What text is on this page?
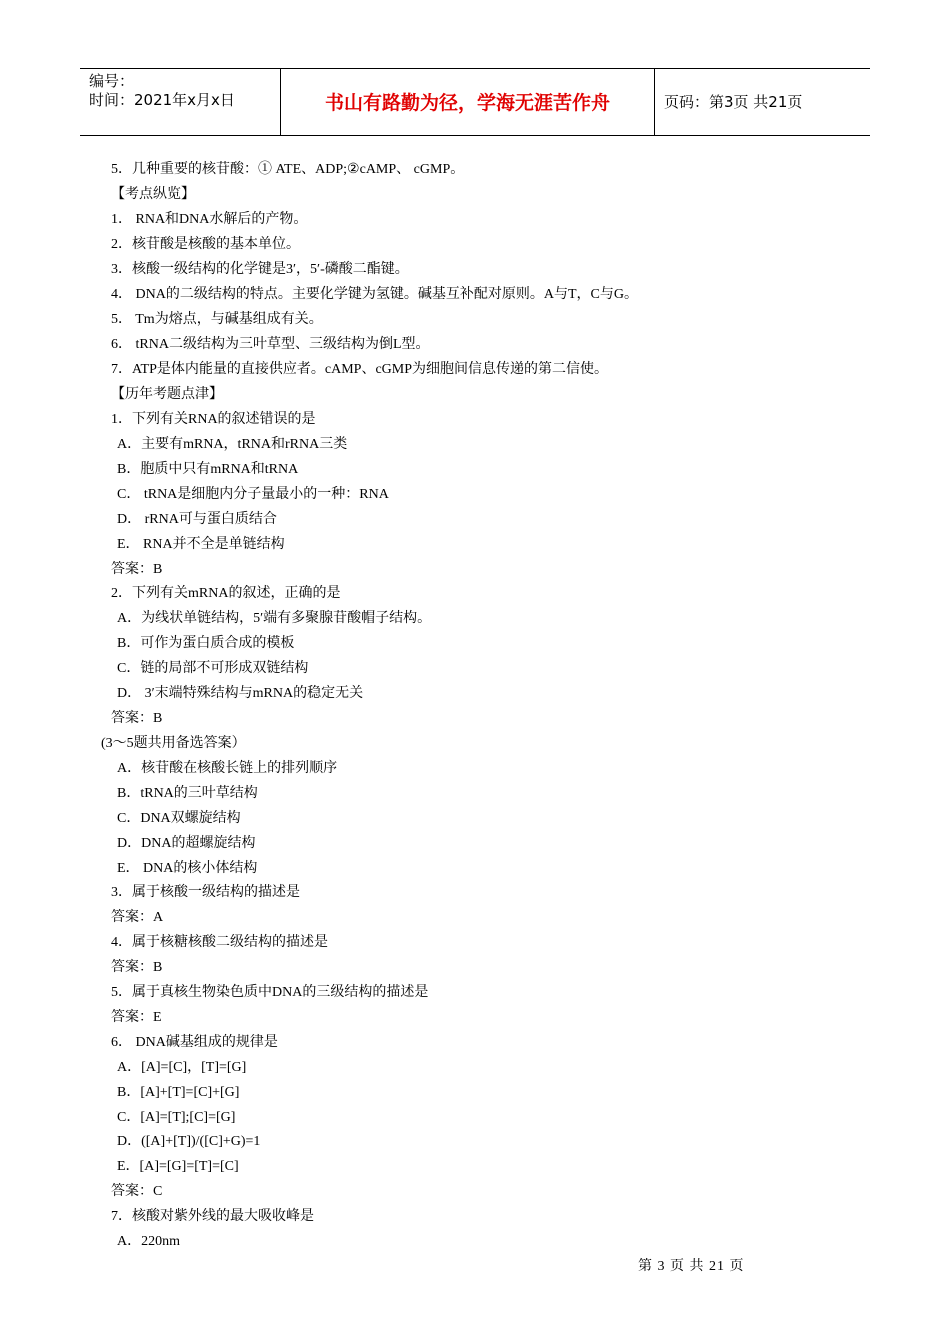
编号：
时间：2021年x月x日	书山有路勤为径，学海无涯苦作舟	页码：第3页 共21页
5．几种重要的核苷酸：① ATE、ADP;②cAMP、 cGMP。
【考点纵览】
1． RNA和DNA水解后的产物。
2．核苷酸是核酸的基本单位。
3．核酸一级结构的化学键是3′，5′-磷酸二酯键。
4． DNA的二级结构的特点。主要化学键为氢键。碱基互补配对原则。A与T，C与G。
5． Tm为熔点，与碱基组成有关。
6． tRNA二级结构为三叶草型、三级结构为倒L型。
7．ATP是体内能量的直接供应者。cAMP、cGMP为细胞间信息传递的第二信使。
【历年考题点津】
1．下列有关RNA的叙述错误的是
A．主要有mRNA，tRNA和rRNA三类
B．胞质中只有mRNA和tRNA
C． tRNA是细胞内分子量最小的一种：RNA
D． rRNA可与蛋白质结合
E． RNA并不全是单链结构
答案：B
2．下列有关mRNA的叙述，正确的是
A．为线状单链结构，5′端有多聚腺苷酸帽子结构。
B．可作为蛋白质合成的模板
C．链的局部不可形成双链结构
D． 3′末端特殊结构与mRNA的稳定无关
答案：B
(3～5题共用备选答案）
A．核苷酸在核酸长链上的排列顺序
B．tRNA的三叶草结构
C．DNA双螺旋结构
D．DNA的超螺旋结构
E． DNA的核小体结构
3．属于核酸一级结构的描述是
答案：A
4．属于核糖核酸二级结构的描述是
答案：B
5．属于真核生物染色质中DNA的三级结构的描述是
答案：E
6． DNA碱基组成的规律是
A．[A]=[C]，[T]=[G]
B．[A]+[T]=[C]+[G]
C．[A]=[T];[C]=[G]
D．([A]+[T])/([C]+G)=1
E．[A]=[G]=[T]=[C]
答案：C
7．核酸对紫外线的最大吸收峰是
A．220nm
第 3 页 共 21 页
